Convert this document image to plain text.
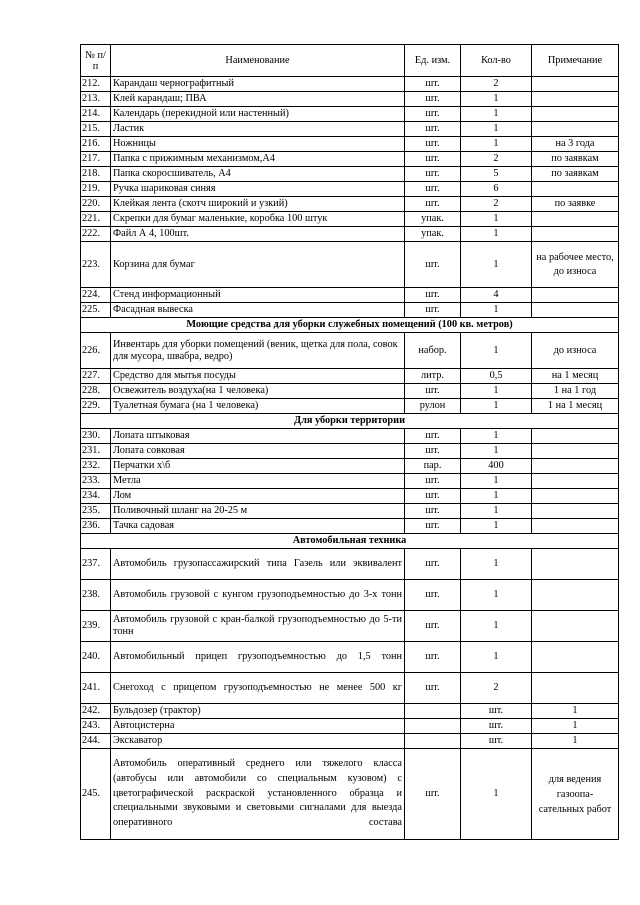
№ п/п	Наименование	Ед. изм.	Кол-во	Примечание
212.	Карандаш чернографитный	шт.	2	
213.	Клей карандаш; ПВА	шт.	1	
214.	Календарь (перекидной или настенный)	шт.	1	
215.	Ластик	шт.	1	
216.	Ножницы	шт.	1	на 3 года
217.	Папка с прижимным механизмом,А4	шт.	2	по заявкам
218.	Папка скоросшиватель, А4	шт.	5	по заявкам
219.	Ручка шариковая синяя	шт.	6	
220.	Клейкая лента (скотч широкий и узкий)	шт.	2	по заявке
221.	Скрепки для бумаг маленькие, коробка 100 штук	упак.	1	
222.	Файл А 4, 100шт.	упак.	1	
223.	Корзина для бумаг	шт.	1	на рабочее место, до износа
224.	Стенд информационный	шт.	4	
225.	Фасадная вывеска	шт.	1	
Моющие средства для уборки служебных помещений (100 кв. метров)				
226.	Инвентарь для уборки помещений (веник, щетка для пола, совок для мусора, швабра, ведро)	набор.	1	до износа
227.	Средство для мытья посуды	литр.	0,5	на 1 месяц
228.	Освежитель воздуха(на 1 человека)	шт.	1	1 на 1 год
229.	Туалетная бумага (на 1 человека)	рулон	1	1 на 1 месяц
Для уборки территории				
230.	Лопата штыковая	шт.	1	
231.	Лопата совковая	шт.	1	
232.	Перчатки х\б	пар.	400	
233.	Метла	шт.	1	
234.	Лом	шт.	1	
235.	Поливочный шланг на 20-25 м	шт.	1	
236.	Тачка садовая	шт.	1	
Автомобильная техника				
237.	Автомобиль грузопассажирский типа Газель или эквивалент	шт.	1	
238.	Автомобиль грузовой с кунгом грузоподъемностью до 3-х тонн	шт.	1	
239.	Автомобиль грузовой с кран-балкой грузоподъемностью до 5-ти тонн	шт.	1	
240.	Автомобильный прицеп грузоподъемностью до 1,5 тонн	шт.	1	
241.	Снегоход с прицепом грузоподъемностью не менее 500 кг	шт.	2	
242.	Бульдозер (трактор)		шт.	1
243.	Автоцистерна		шт.	1
244.	Экскаватор		шт.	1
245.	Автомобиль оперативный среднего или тяжелого класса (автобусы или автомобили со специальным кузовом) с цветографической раскраской установленного образца и специальными звуковыми и световыми сигналами для выезда оперативного состава	шт.	1	для ведения газоопа-сательных работ
